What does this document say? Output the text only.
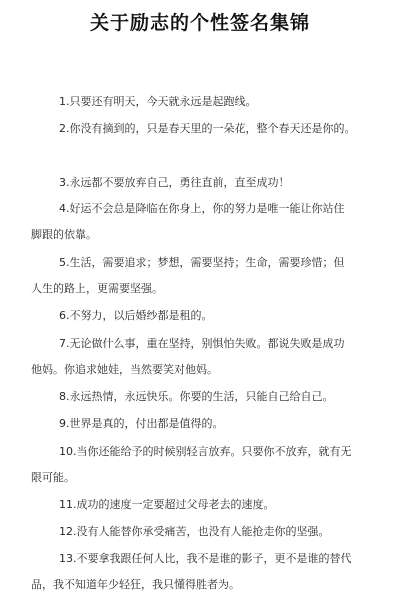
关于励志的个性签名集锦
1.只要还有明天，今天就永远是起跑线。
2.你没有摘到的，只是春天里的一朵花，整个春天还是你的。
3.永远都不要放弃自己，勇往直前，直至成功！
4.好运不会总是降临在你身上，你的努力是唯一能让你站住
脚跟的依靠。
5.生活，需要追求；梦想，需要坚持；生命，需要珍惜；但
人生的路上，更需要坚强。
6.不努力，以后婚纱都是租的。
7.无论做什么事，重在坚持，别惧怕失败。都说失败是成功
他妈。你追求她娃，当然要笑对他妈。
8.永远热情，永远快乐。你要的生活，只能自己给自己。
9.世界是真的，付出都是值得的。
10.当你还能给予的时候别轻言放弃。只要你不放弃，就有无
限可能。
11.成功的速度一定要超过父母老去的速度。
12.没有人能替你承受痛苦，也没有人能抢走你的坚强。
13.不要拿我跟任何人比，我不是谁的影子，更不是谁的替代
品，我不知道年少轻狂，我只懂得胜者为。
